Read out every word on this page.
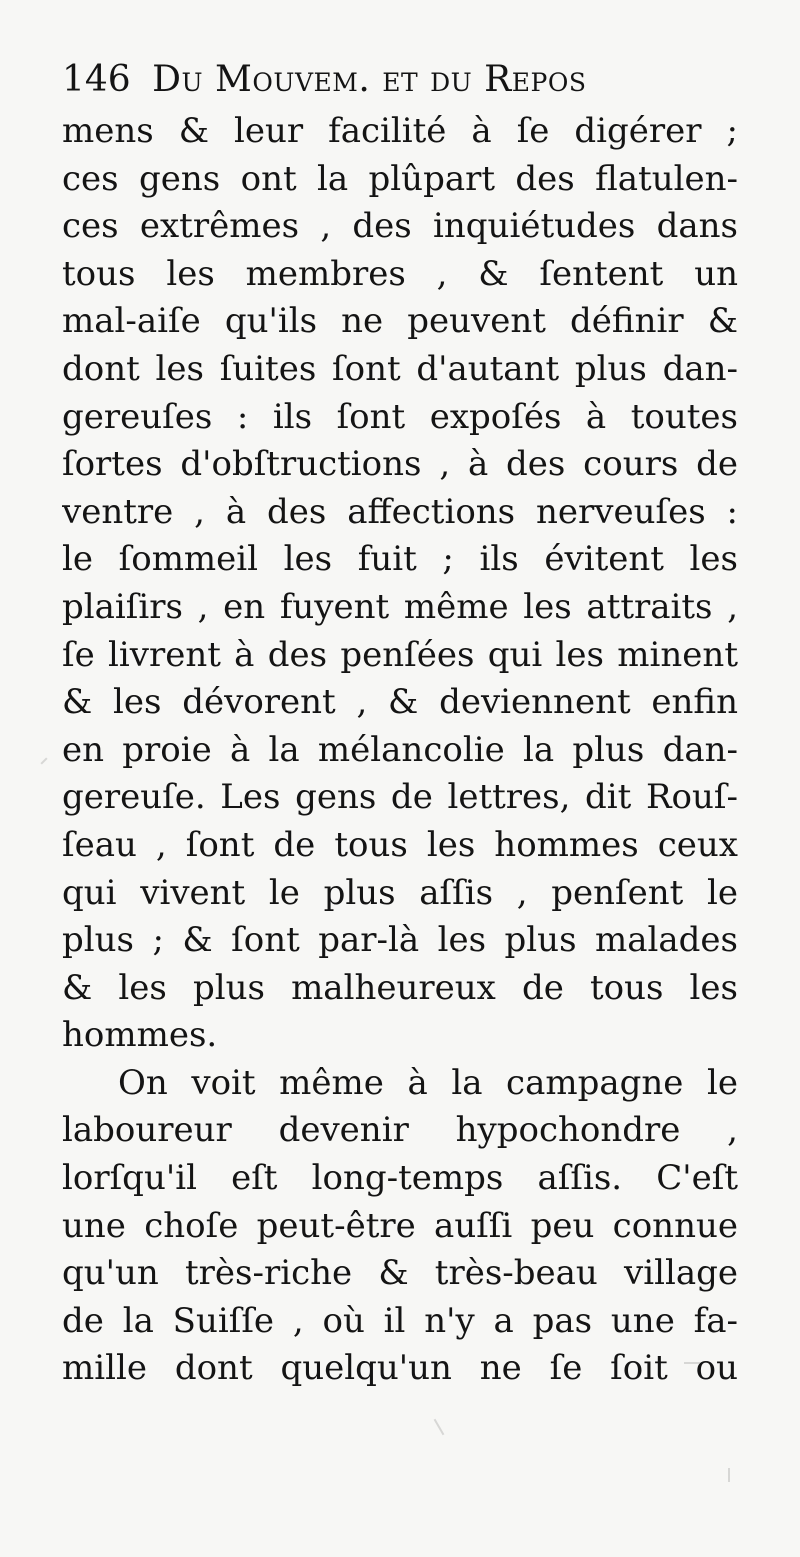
146 Du Mouvem. et du Repos
mens & leur facilité à ſe digérer ;
ces gens ont la plûpart des flatulen-
ces extrêmes , des inquiétudes dans
tous les membres , & ſentent un
mal-aiſe qu'ils ne peuvent définir &
dont les ſuites ſont d'autant plus dan-
gereuſes : ils ſont expoſés à toutes
ſortes d'obſtructions , à des cours de
ventre , à des affections nerveuſes :
le ſommeil les fuit ; ils évitent les
plaiſirs , en fuyent même les attraits ,
ſe livrent à des penſées qui les minent
& les dévorent , & deviennent enfin
en proie à la mélancolie la plus dan-
gereuſe. Les gens de lettres, dit Rouſ-
ſeau , ſont de tous les hommes ceux
qui vivent le plus aſſis , penſent le
plus ; & ſont par-là les plus malades
& les plus malheureux de tous les
hommes.
On voit même à la campagne le
laboureur devenir hypochondre ,
lorſqu'il eſt long-temps aſſis. C'eſt
une choſe peut-être auſſi peu connue
qu'un très-riche & très-beau village
de la Suiſſe , où il n'y a pas une fa-
mille dont quelqu'un ne ſe ſoit ou
